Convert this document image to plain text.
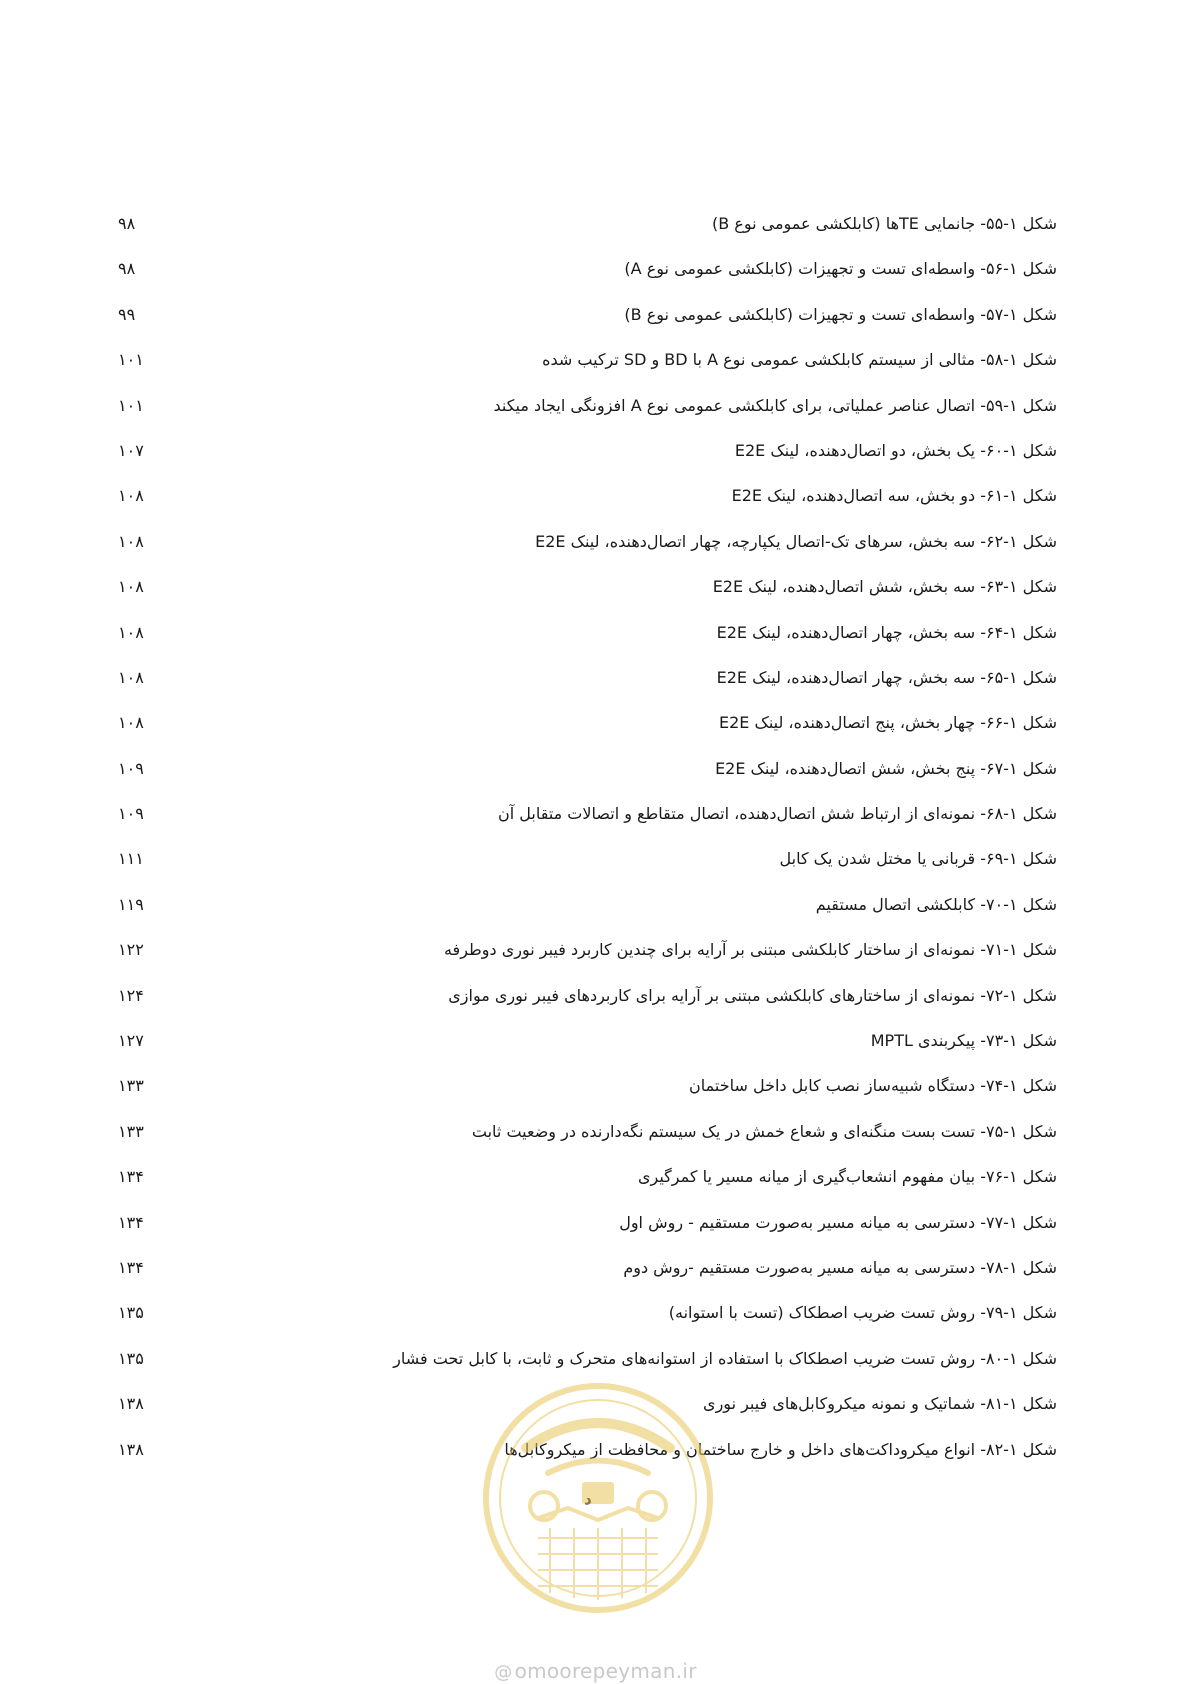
شکل ۱-۵۵- جانمایی TEها (کابلکشی عمومی نوع B)
۹۸
شکل ۱-۵۶- واسطه‌ای تست و تجهیزات (کابلکشی عمومی نوع A)
۹۸
شکل ۱-۵۷- واسطه‌ای تست و تجهیزات (کابلکشی عمومی نوع B)
۹۹
شکل ۱-۵۸- مثالی از سیستم کابلکشی عمومی نوع A با BD و SD ترکیب شده
۱۰۱
شکل ۱-۵۹- اتصال عناصر عملیاتی، برای کابلکشی عمومی نوع A افزونگی ایجاد میکند
۱۰۱
شکل ۱-۶۰- یک بخش، دو اتصال‌دهنده، لینک E2E
۱۰۷
شکل ۱-۶۱- دو بخش، سه اتصال‌دهنده، لینک E2E
۱۰۸
شکل ۱-۶۲- سه بخش، سرهای تک-اتصال یکپارچه، چهار اتصال‌دهنده، لینک E2E
۱۰۸
شکل ۱-۶۳- سه بخش، شش اتصال‌دهنده، لینک E2E
۱۰۸
شکل ۱-۶۴- سه بخش، چهار اتصال‌دهنده، لینک E2E
۱۰۸
شکل ۱-۶۵- سه بخش، چهار اتصال‌دهنده، لینک E2E
۱۰۸
شکل ۱-۶۶- چهار بخش، پنج اتصال‌دهنده، لینک E2E
۱۰۸
شکل ۱-۶۷- پنج بخش، شش اتصال‌دهنده، لینک E2E
۱۰۹
شکل ۱-۶۸- نمونه‌ای از ارتباط شش اتصال‌دهنده، اتصال متقاطع و اتصالات متقابل آن
۱۰۹
شکل ۱-۶۹- قربانی یا مختل شدن یک کابل
۱۱۱
شکل ۱-۷۰- کابلکشی اتصال مستقیم
۱۱۹
شکل ۱-۷۱- نمونه‌ای از ساختار کابلکشی مبتنی بر آرایه برای چندین کاربرد فیبر نوری دوطرفه
۱۲۲
شکل ۱-۷۲- نمونه‌ای از ساختارهای کابلکشی مبتنی بر آرایه برای کاربردهای فیبر نوری موازی
۱۲۴
شکل ۱-۷۳- پیکربندی MPTL
۱۲۷
شکل ۱-۷۴- دستگاه شبیه‌ساز نصب کابل داخل ساختمان
۱۳۳
شکل ۱-۷۵- تست بست منگنه‌ای و شعاع خمش در یک سیستم نگه‌دارنده در وضعیت ثابت
۱۳۳
شکل ۱-۷۶- بیان مفهوم انشعاب‌گیری از میانه مسیر یا کمرگیری
۱۳۴
شکل ۱-۷۷- دسترسی به میانه مسیر به‌صورت مستقیم - روش اول
۱۳۴
شکل ۱-۷۸- دسترسی به میانه مسیر به‌صورت مستقیم -روش دوم
۱۳۴
شکل ۱-۷۹- روش تست ضریب اصطکاک (تست با استوانه)
۱۳۵
شکل ۱-۸۰- روش تست ضریب اصطکاک با استفاده از استوانه‌های متحرک و ثابت، با کابل تحت فشار
۱۳۵
شکل ۱-۸۱- شماتیک و نمونه میکروکابل‌های فیبر نوری
۱۳۸
شکل ۱-۸۲- انواع میکروداکت‌های داخل و خارج ساختمان و محافظت از میکروکابل‌ها
۱۳۸
@ omoorepeyman.ir
